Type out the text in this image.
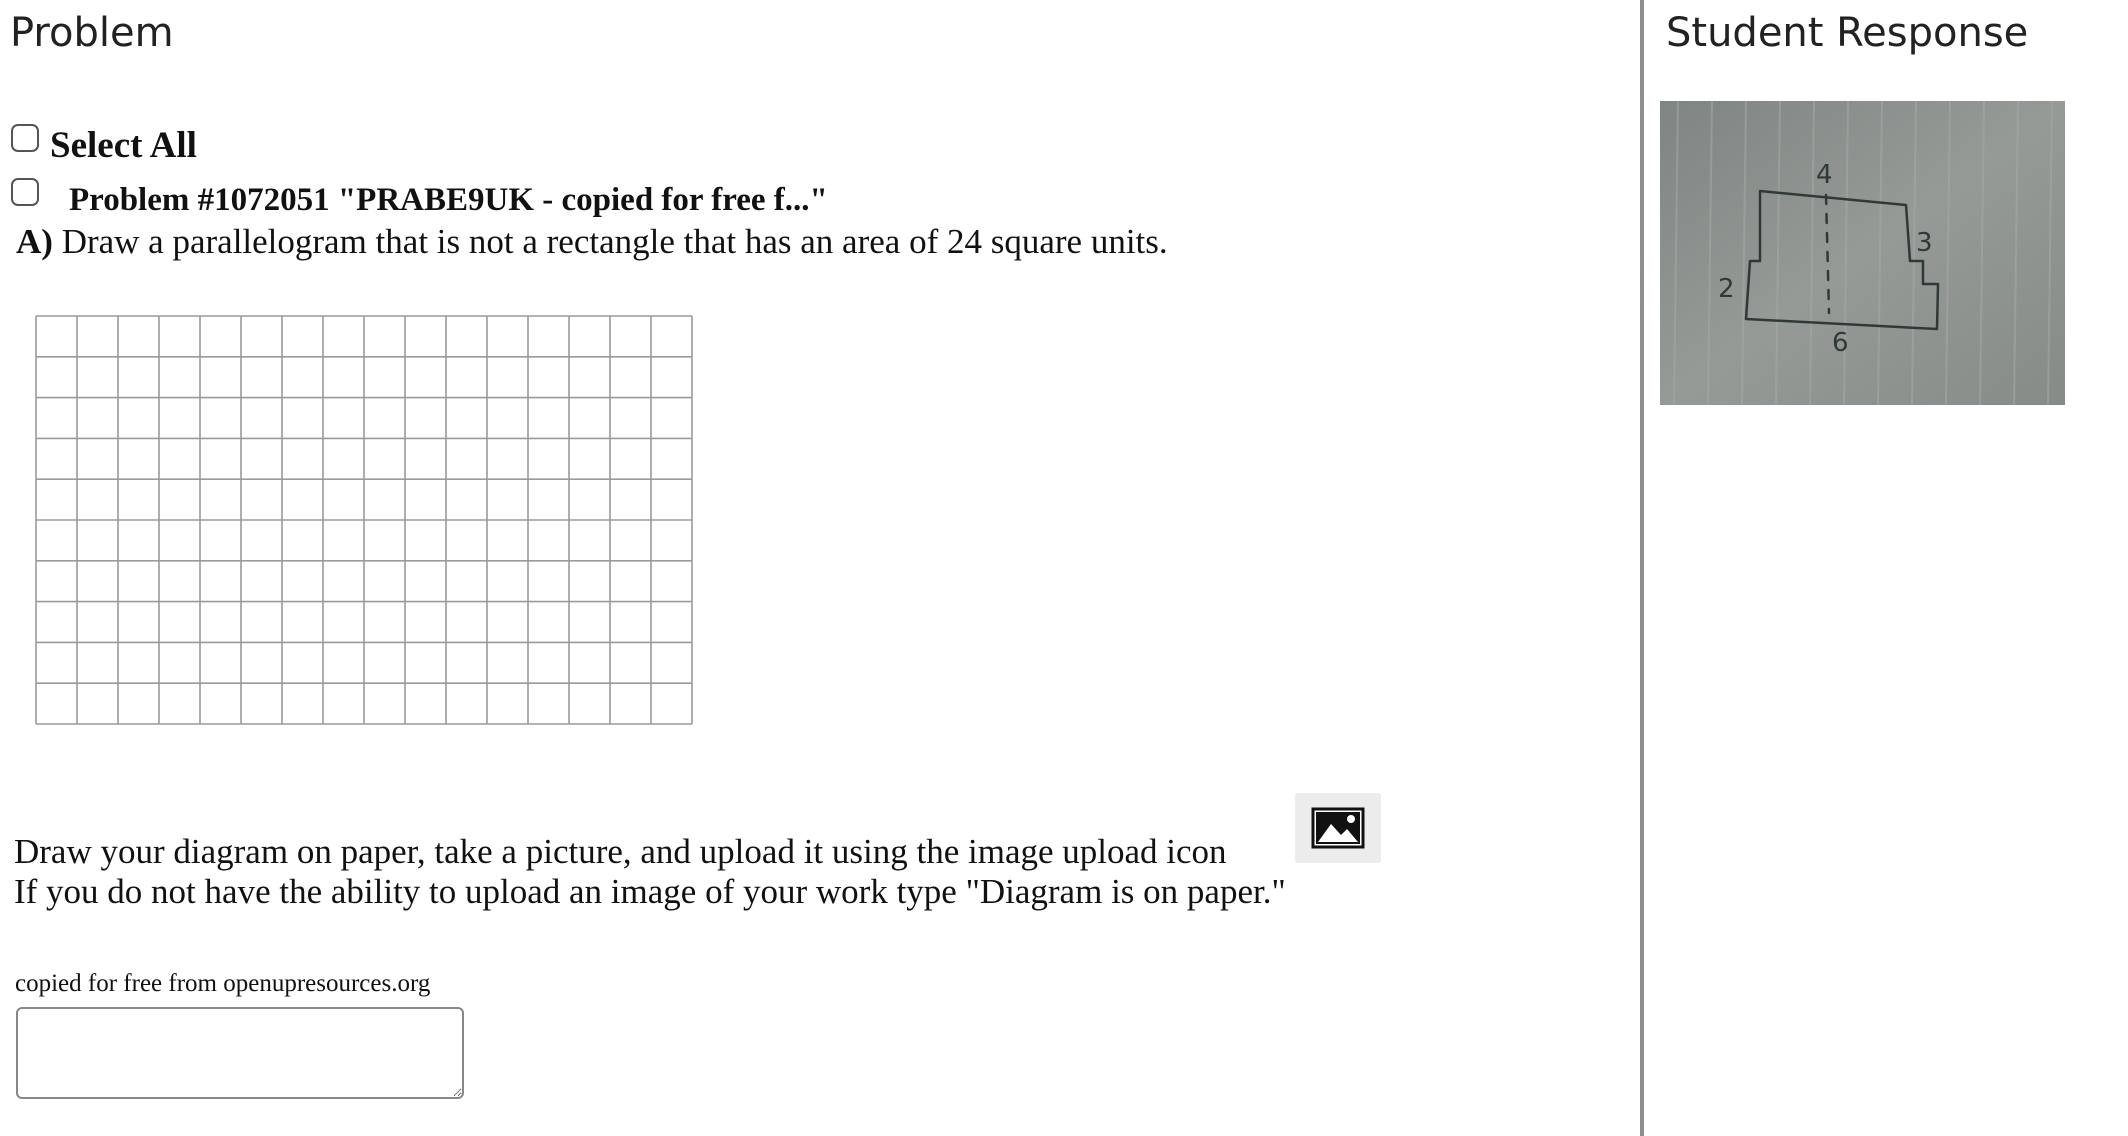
Problem
Select All
Problem #1072051 "PRABE9UK - copied for free f..."
A) Draw a parallelogram that is not a rectangle that has an area of 24 square units.
Draw your diagram on paper, take a picture, and upload it using the image upload icon
If you do not have the ability to upload an image of your work type "Diagram is on paper."
copied for free from openupresources.org
Student Response
4
2
6
3
